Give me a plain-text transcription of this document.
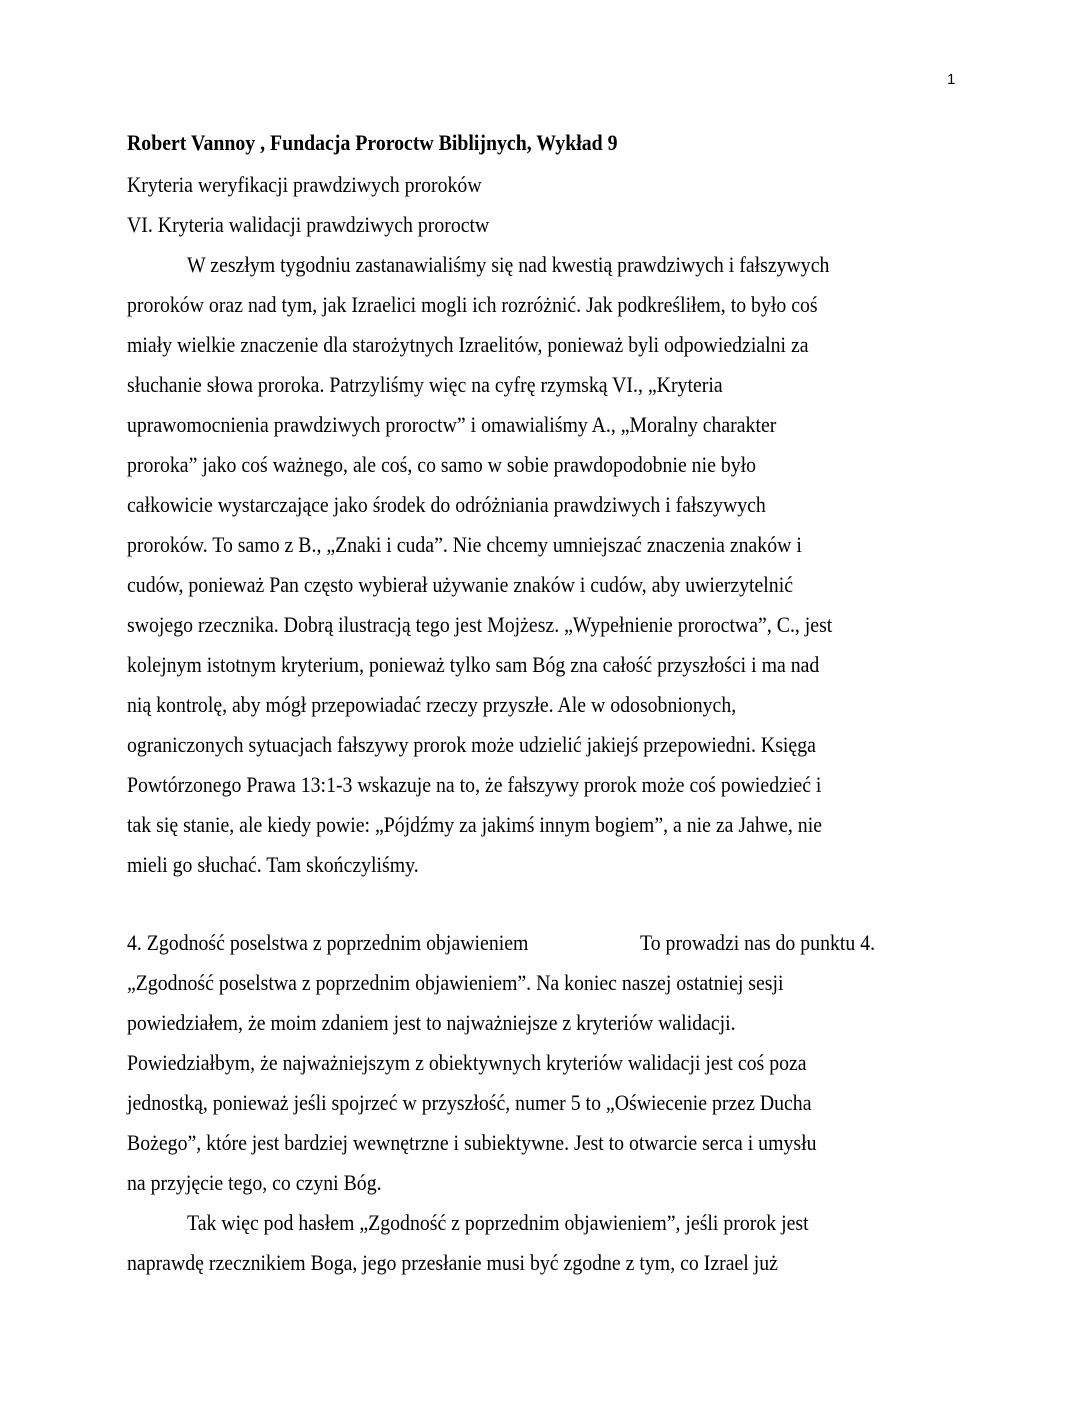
1
Robert Vannoy , Fundacja Proroctw Biblijnych, Wykład 9
Kryteria weryfikacji prawdziwych proroków
VI. Kryteria walidacji prawdziwych proroctw
W zeszłym tygodniu zastanawialiśmy się nad kwestią prawdziwych i fałszywych
proroków oraz nad tym, jak Izraelici mogli ich rozróżnić. Jak podkreśliłem, to było coś
miały wielkie znaczenie dla starożytnych Izraelitów, ponieważ byli odpowiedzialni za
słuchanie słowa proroka. Patrzyliśmy więc na cyfrę rzymską VI., „Kryteria
uprawomocnienia prawdziwych proroctw” i omawialiśmy A., „Moralny charakter
proroka” jako coś ważnego, ale coś, co samo w sobie prawdopodobnie nie było
całkowicie wystarczające jako środek do odróżniania prawdziwych i fałszywych
proroków. To samo z B., „Znaki i cuda”. Nie chcemy umniejszać znaczenia znaków i
cudów, ponieważ Pan często wybierał używanie znaków i cudów, aby uwierzytelnić
swojego rzecznika. Dobrą ilustracją tego jest Mojżesz. „Wypełnienie proroctwa”, C., jest
kolejnym istotnym kryterium, ponieważ tylko sam Bóg zna całość przyszłości i ma nad
nią kontrolę, aby mógł przepowiadać rzeczy przyszłe. Ale w odosobnionych,
ograniczonych sytuacjach fałszywy prorok może udzielić jakiejś przepowiedni. Księga
Powtórzonego Prawa 13:1-3 wskazuje na to, że fałszywy prorok może coś powiedzieć i
tak się stanie, ale kiedy powie: „Pójdźmy za jakimś innym bogiem”, a nie za Jahwe, nie
mieli go słuchać. Tam skończyliśmy.
4. Zgodność poselstwa z poprzednim objawieniem	To prowadzi nas do punktu 4.
„Zgodność poselstwa z poprzednim objawieniem”. Na koniec naszej ostatniej sesji
powiedziałem, że moim zdaniem jest to najważniejsze z kryteriów walidacji.
Powiedziałbym, że najważniejszym z obiektywnych kryteriów walidacji jest coś poza
jednostką, ponieważ jeśli spojrzeć w przyszłość, numer 5 to „Oświecenie przez Ducha
Bożego”, które jest bardziej wewnętrzne i subiektywne. Jest to otwarcie serca i umysłu
na przyjęcie tego, co czyni Bóg.
Tak więc pod hasłem „Zgodność z poprzednim objawieniem”, jeśli prorok jest
naprawdę rzecznikiem Boga, jego przesłanie musi być zgodne z tym, co Izrael już
